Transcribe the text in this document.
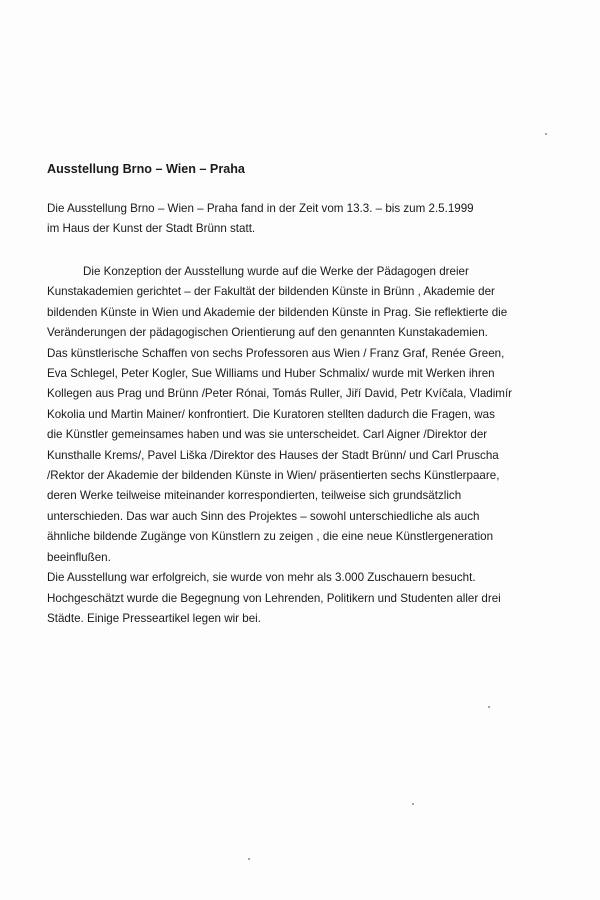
Ausstellung Brno – Wien – Praha
Die Ausstellung Brno – Wien – Praha fand in der Zeit vom 13.3. – bis zum 2.5.1999
im Haus der Kunst der Stadt Brünn statt.
Die Konzeption der Ausstellung wurde auf die Werke der Pädagogen dreier
Kunstakademien gerichtet – der Fakultät der bildenden Künste in Brünn , Akademie der
bildenden Künste in Wien und Akademie der bildenden Künste in Prag. Sie reflektierte die
Veränderungen der pädagogischen Orientierung auf den genannten Kunstakademien.
Das künstlerische Schaffen von sechs Professoren aus Wien / Franz Graf, Renée Green,
Eva Schlegel, Peter Kogler, Sue Williams und Huber Schmalix/ wurde mit Werken ihren
Kollegen aus Prag und Brünn /Peter Rónai, Tomás Ruller, Jiří David, Petr Kvíčala, Vladimír
Kokolia und Martin Mainer/ konfrontiert. Die Kuratoren stellten dadurch die Fragen, was
die Künstler gemeinsames haben und was sie unterscheidet. Carl Aigner /Direktor der
Kunsthalle Krems/, Pavel Liška /Direktor des Hauses der Stadt Brünn/ und Carl Pruscha
/Rektor der Akademie der bildenden Künste in Wien/ präsentierten sechs Künstlerpaare,
deren Werke teilweise miteinander korrespondierten, teilweise sich grundsätzlich
unterschieden. Das war auch Sinn des Projektes – sowohl unterschiedliche als auch
ähnliche bildende Zugänge von Künstlern zu zeigen , die eine neue Künstlergeneration
beeinflußen.
Die Ausstellung war erfolgreich, sie wurde von mehr als 3.000 Zuschauern besucht.
Hochgeschätzt wurde die Begegnung von Lehrenden, Politikern und Studenten aller drei
Städte. Einige Presseartikel legen wir bei.
